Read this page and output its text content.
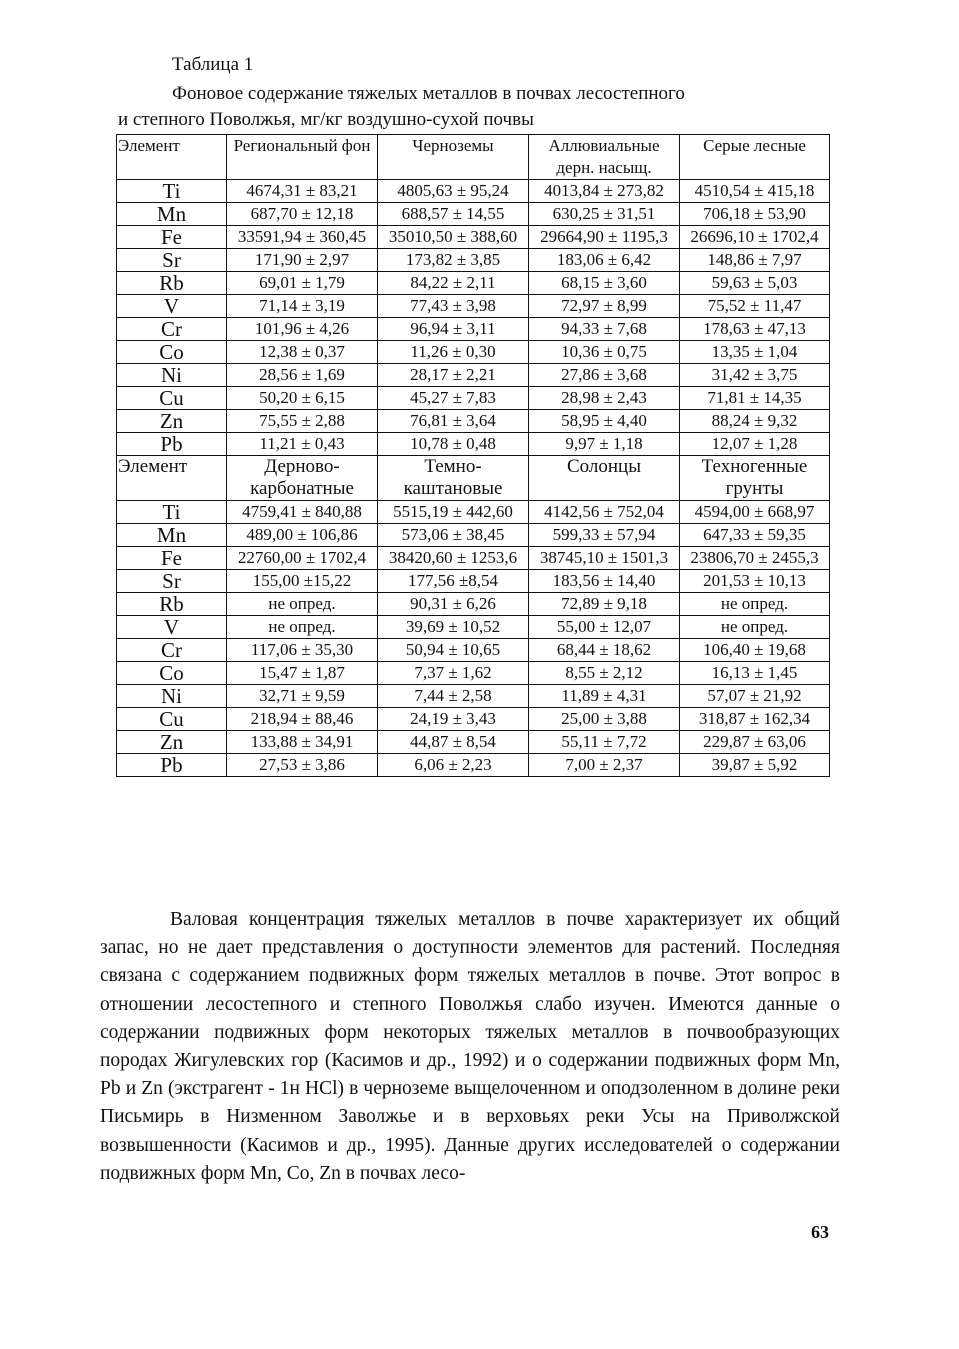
Таблица 1
Фоновое содержание тяжелых металлов в почвах лесостепного
и степного Поволжья, мг/кг воздушно-сухой почвы
Элемент	Региональный фон	Черноземы	Аллювиальные дерн. насыщ.	Серые лесные
Ti	4674,31 ± 83,21	4805,63 ± 95,24	4013,84 ± 273,82	4510,54 ± 415,18
Mn	687,70 ± 12,18	688,57 ± 14,55	630,25 ± 31,51	706,18 ± 53,90
Fe	33591,94 ± 360,45	35010,50 ± 388,60	29664,90 ± 1195,3	26696,10 ± 1702,4
Sr	171,90 ± 2,97	173,82 ± 3,85	183,06 ± 6,42	148,86 ± 7,97
Rb	69,01 ± 1,79	84,22 ± 2,11	68,15 ± 3,60	59,63 ± 5,03
V	71,14 ± 3,19	77,43 ± 3,98	72,97 ± 8,99	75,52 ± 11,47
Cr	101,96 ± 4,26	96,94 ± 3,11	94,33 ± 7,68	178,63 ± 47,13
Co	12,38 ± 0,37	11,26 ± 0,30	10,36 ± 0,75	13,35 ± 1,04
Ni	28,56 ± 1,69	28,17 ± 2,21	27,86 ± 3,68	31,42 ± 3,75
Cu	50,20 ± 6,15	45,27 ± 7,83	28,98 ± 2,43	71,81 ± 14,35
Zn	75,55 ± 2,88	76,81 ± 3,64	58,95 ± 4,40	88,24 ± 9,32
Pb	11,21 ± 0,43	10,78 ± 0,48	9,97 ± 1,18	12,07 ± 1,28
Элемент	Дерново-карбонатные	Темно-каштановые	Солонцы	Техногенные грунты
Ti	4759,41 ± 840,88	5515,19 ± 442,60	4142,56 ± 752,04	4594,00 ± 668,97
Mn	489,00 ± 106,86	573,06 ± 38,45	599,33 ± 57,94	647,33 ± 59,35
Fe	22760,00 ± 1702,4	38420,60 ± 1253,6	38745,10 ± 1501,3	23806,70 ± 2455,3
Sr	155,00 ±15,22	177,56 ±8,54	183,56 ± 14,40	201,53 ± 10,13
Rb	не опред.	90,31 ± 6,26	72,89 ± 9,18	не опред.
V	не опред.	39,69 ± 10,52	55,00 ± 12,07	не опред.
Cr	117,06 ± 35,30	50,94 ± 10,65	68,44 ± 18,62	106,40 ± 19,68
Co	15,47 ± 1,87	7,37 ± 1,62	8,55 ± 2,12	16,13 ± 1,45
Ni	32,71 ± 9,59	7,44 ± 2,58	11,89 ± 4,31	57,07 ± 21,92
Cu	218,94 ± 88,46	24,19 ± 3,43	25,00 ± 3,88	318,87 ± 162,34
Zn	133,88 ± 34,91	44,87 ± 8,54	55,11 ± 7,72	229,87 ± 63,06
Pb	27,53 ± 3,86	6,06 ± 2,23	7,00 ± 2,37	39,87 ± 5,92
Валовая концентрация тяжелых металлов в почве характеризует их общий запас, но не дает представления о доступности элементов для растений. Последняя связана с содержанием подвижных форм тяжелых металлов в почве. Этот вопрос в отношении лесостепного и степного Поволжья слабо изучен. Имеются данные о содержании подвижных форм некоторых тяжелых металлов в почвообразующих породах Жигулевских гор (Касимов и др., 1992) и о содержании подвижных форм Mn, Pb и Zn (экстрагент - 1н HCl) в черноземе выщелоченном и оподзоленном в долине реки Письмирь в Низменном Заволжье и в верховьях реки Усы на Приволжской возвышенности (Касимов и др., 1995). Данные других исследователей о содержании подвижных форм Mn, Co, Zn в почвах лесо-
63
